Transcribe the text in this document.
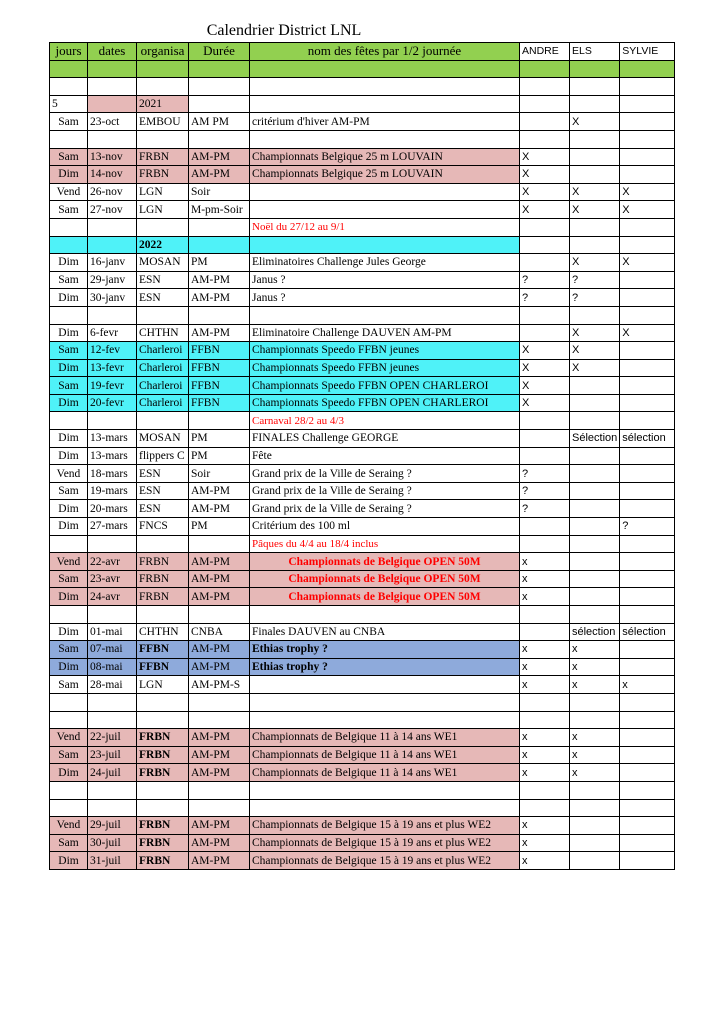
Calendrier District LNL
jours	dates	organisa	Durée	nom des fêtes par 1/2 journée	ANDRE	ELS	SYLVIE

5		2021					
Sam	23-oct	EMBOU	AM PM	critérium d'hiver AM-PM		X	

Sam	13-nov	FRBN	AM-PM	Championnats Belgique 25 m LOUVAIN	X		
Dim	14-nov	FRBN	AM-PM	Championnats Belgique 25 m LOUVAIN	X		
Vend	26-nov	LGN	Soir		X	X	X
Sam	27-nov	LGN	M-pm-Soir		X	X	X
				Noël du 27/12 au 9/1			
		2022					
Dim	16-janv	MOSAN	PM	Eliminatoires Challenge Jules George		X	X
Sam	29-janv	ESN	AM-PM	Janus ?	?	?	
Dim	30-janv	ESN	AM-PM	Janus ?	?	?	

Dim	6-fevr	CHTHN	AM-PM	Eliminatoire Challenge DAUVEN AM-PM		X	X
Sam	12-fev	Charleroi	FFBN	Championnats Speedo FFBN jeunes	X	X	
Dim	13-fevr	Charleroi	FFBN	Championnats Speedo FFBN jeunes	X	X	
Sam	19-fevr	Charleroi	FFBN	Championnats Speedo FFBN OPEN CHARLEROI	X		
Dim	20-fevr	Charleroi	FFBN	Championnats Speedo FFBN OPEN CHARLEROI	X		
				Carnaval 28/2 au 4/3			
Dim	13-mars	MOSAN	PM	FINALES Challenge GEORGE		Sélection	sélection
Dim	13-mars	flippers C	PM	Fête			
Vend	18-mars	ESN	Soir	Grand prix de la Ville de Seraing ?	?		
Sam	19-mars	ESN	AM-PM	Grand prix de la Ville de Seraing ?	?		
Dim	20-mars	ESN	AM-PM	Grand prix de la Ville de Seraing ?	?		
Dim	27-mars	FNCS	PM	Critérium des 100 ml			?
				Pâques du 4/4 au 18/4 inclus			
Vend	22-avr	FRBN	AM-PM	Championnats de Belgique OPEN 50M	x		
Sam	23-avr	FRBN	AM-PM	Championnats de Belgique OPEN 50M	x		
Dim	24-avr	FRBN	AM-PM	Championnats de Belgique OPEN 50M	x		

Dim	01-mai	CHTHN	CNBA	Finales DAUVEN au CNBA		sélection	sélection
Sam	07-mai	FFBN	AM-PM	Ethias trophy ?	x	x	
Dim	08-mai	FFBN	AM-PM	Ethias trophy ?	x	x	
Sam	28-mai	LGN	AM-PM-S		x	x	x

Vend	22-juil	FRBN	AM-PM	Championnats de Belgique 11 à 14 ans WE1	x	x	
Sam	23-juil	FRBN	AM-PM	Championnats de Belgique 11 à 14 ans WE1	x	x	
Dim	24-juil	FRBN	AM-PM	Championnats de Belgique 11 à 14 ans WE1	x	x	

Vend	29-juil	FRBN	AM-PM	Championnats de Belgique 15 à 19 ans et plus WE2	x		
Sam	30-juil	FRBN	AM-PM	Championnats de Belgique 15 à 19 ans et plus WE2	x		
Dim	31-juil	FRBN	AM-PM	Championnats de Belgique 15 à 19 ans et plus WE2	x		
